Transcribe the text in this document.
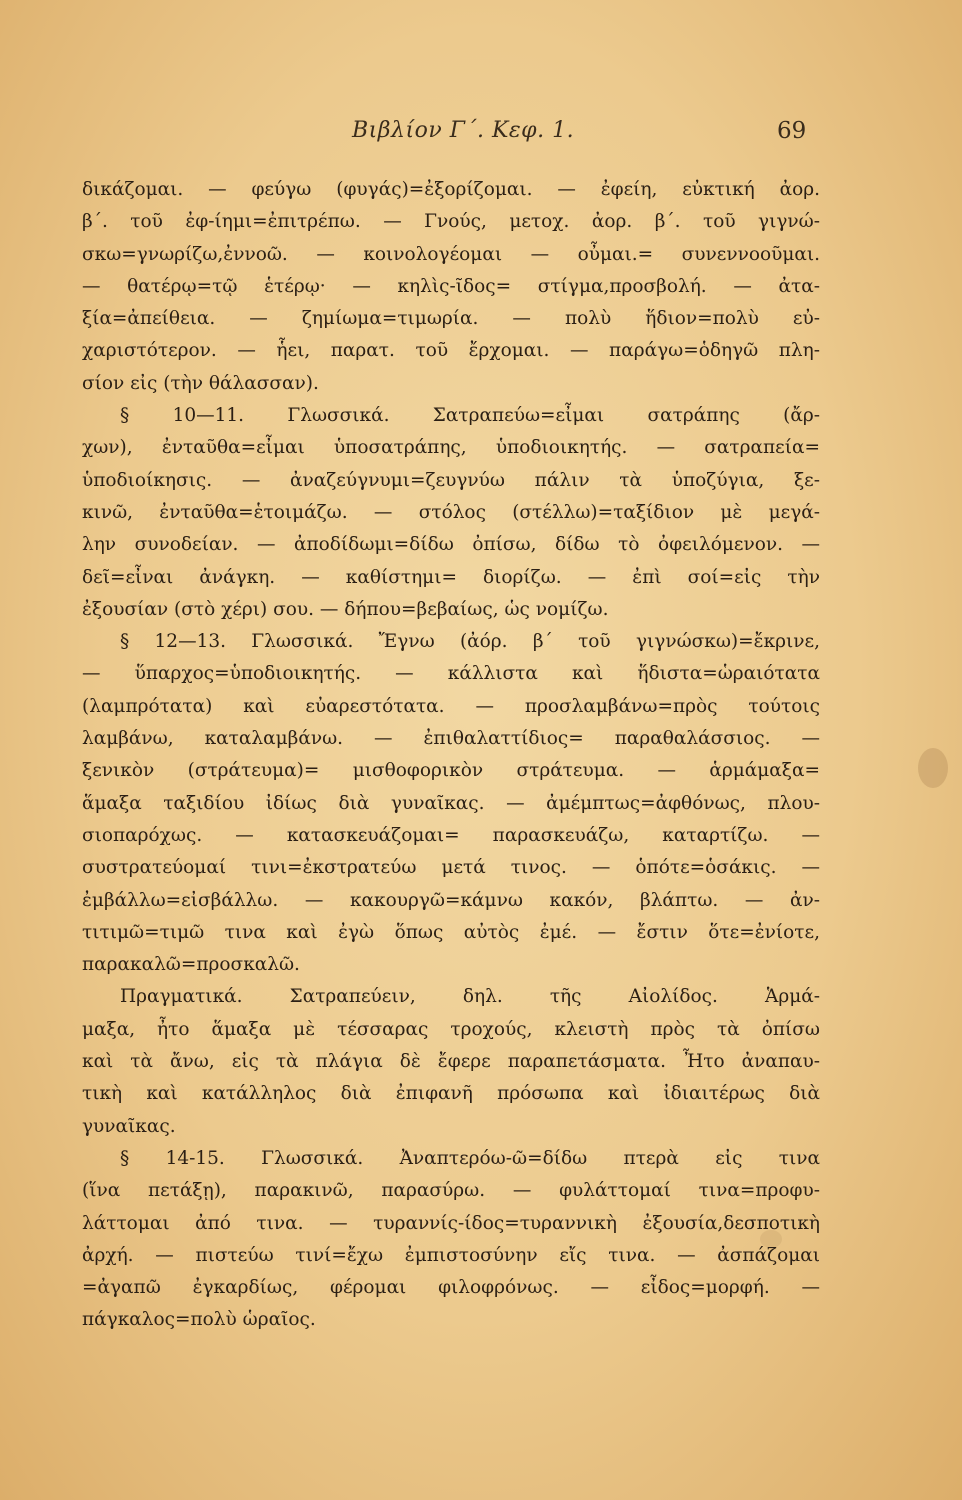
Βιβλίον Γ΄. Κεφ. 1.	69
δικάζομαι. — φεύγω (φυγάς)=ἐξορίζομαι. — ἐφείη, εὐκτική ἀορ.
β΄. τοῦ ἐφ-ίημι=ἐπιτρέπω. — Γνούς, μετοχ. ἀορ. β΄. τοῦ γιγνώ-
σκω=γνωρίζω,ἐννοῶ. — κοινολογέομαι — οὖμαι.= συνεννοοῦμαι.
— θατέρῳ=τῷ ἑτέρῳ· — κηλὶς-ῖδος= στίγμα,προσβολή. — ἀτα-
ξία=ἀπείθεια. — ζημίωμα=τιμωρία. — πολὺ ἥδιον=πολὺ εὐ-
χαριστότερον. — ἧει, παρατ. τοῦ ἔρχομαι. — παράγω=ὁδηγῶ πλη-
σίον εἰς (τὴν θάλασσαν).
§ 10—11. Γλωσσικά. Σατραπεύω=εἶμαι σατράπης (ἄρ-
χων), ἐνταῦθα=εἶμαι ὑποσατράπης, ὑποδιοικητής. — σατραπεία=
ὑποδιοίκησις. — ἀναζεύγνυμι=ζευγνύω πάλιν τὰ ὑποζύγια, ξε-
κινῶ, ἐνταῦθα=ἑτοιμάζω. — στόλος (στέλλω)=ταξίδιον μὲ μεγά-
λην συνοδείαν. — ἀποδίδωμι=δίδω ὀπίσω, δίδω τὸ ὀφειλόμενον. —
δεῖ=εἶναι ἀνάγκη. — καθίστημι= διορίζω. — ἐπὶ σοί=εἰς τὴν
ἐξουσίαν (στὸ χέρι) σου. — δήπου=βεβαίως, ὡς νομίζω.
§ 12—13. Γλωσσικά. Ἔγνω (ἀόρ. β΄ τοῦ γιγνώσκω)=ἔκρινε,
— ὕπαρχος=ὑποδιοικητής. — κάλλιστα καὶ ἥδιστα=ὡραιότατα
(λαμπρότατα) καὶ εὐαρεστότατα. — προσλαμβάνω=πρὸς τούτοις
λαμβάνω, καταλαμβάνω. — ἐπιθαλαττίδιος= παραθαλάσσιος. —
ξενικὸν (στράτευμα)= μισθοφορικὸν στράτευμα. — ἁρμάμαξα=
ἅμαξα ταξιδίου ἰδίως διὰ γυναῖκας. — ἀμέμπτως=ἀφθόνως, πλου-
σιοπαρόχως. — κατασκευάζομαι= παρασκευάζω, καταρτίζω. —
συστρατεύομαί τινι=ἐκστρατεύω μετά τινος. — ὁπότε=ὁσάκις. —
ἐμβάλλω=εἰσβάλλω. — κακουργῶ=κάμνω κακόν, βλάπτω. — ἀν-
τιτιμῶ=τιμῶ τινα καὶ ἐγὼ ὅπως αὐτὸς ἐμέ. — ἔστιν ὅτε=ἐνίοτε,
παρακαλῶ=προσκαλῶ.
Πραγματικά. Σατραπεύειν, δηλ. τῆς Αἰολίδος. Ἁρμά-
μαξα, ἦτο ἅμαξα μὲ τέσσαρας τροχούς, κλειστὴ πρὸς τὰ ὀπίσω
καὶ τὰ ἄνω, εἰς τὰ πλάγια δὲ ἔφερε παραπετάσματα. Ἦτο ἀναπαυ-
τικὴ καὶ κατάλληλος διὰ ἐπιφανῆ πρόσωπα καὶ ἰδιαιτέρως διὰ
γυναῖκας.
§ 14-15. Γλωσσικά. Ἀναπτερόω-ῶ=δίδω πτερὰ εἰς τινα
(ἵνα πετάξῃ), παρακινῶ, παρασύρω. — φυλάττομαί τινα=προφυ-
λάττομαι ἀπό τινα. — τυραννίς-ίδος=τυραννικὴ ἐξουσία,δεσποτικὴ
ἀρχή. — πιστεύω τινί=ἔχω ἐμπιστοσύνην εἴς τινα. — ἀσπάζομαι
=ἀγαπῶ ἐγκαρδίως, φέρομαι φιλοφρόνως. — εἶδος=μορφή. —
πάγκαλος=πολὺ ὡραῖος.
